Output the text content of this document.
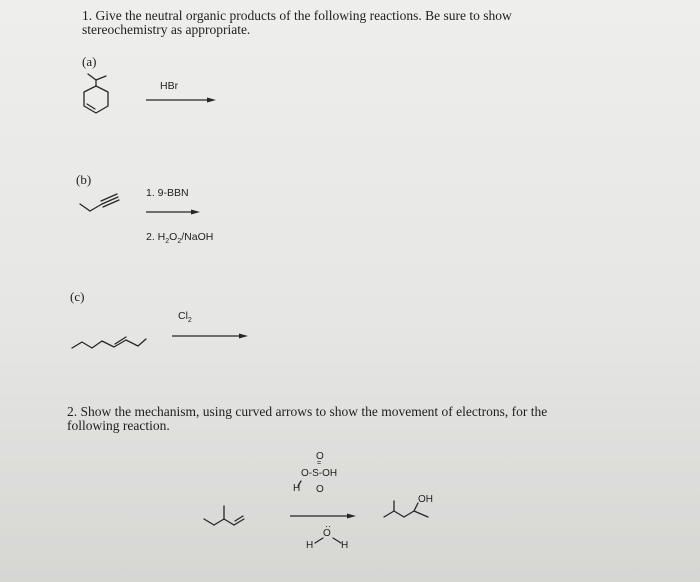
1. Give the neutral organic products of the following reactions. Be sure to show
stereochemistry as appropriate.
(a)
HBr
(b)
1. 9-BBN
2. $H_2O_2$/NaOH
(c)
$Cl_2$
2. Show the mechanism, using curved arrows to show the movement of electrons, for the
following reaction.
O
=
O-S-OH
H O
··
O
H	H
OH
